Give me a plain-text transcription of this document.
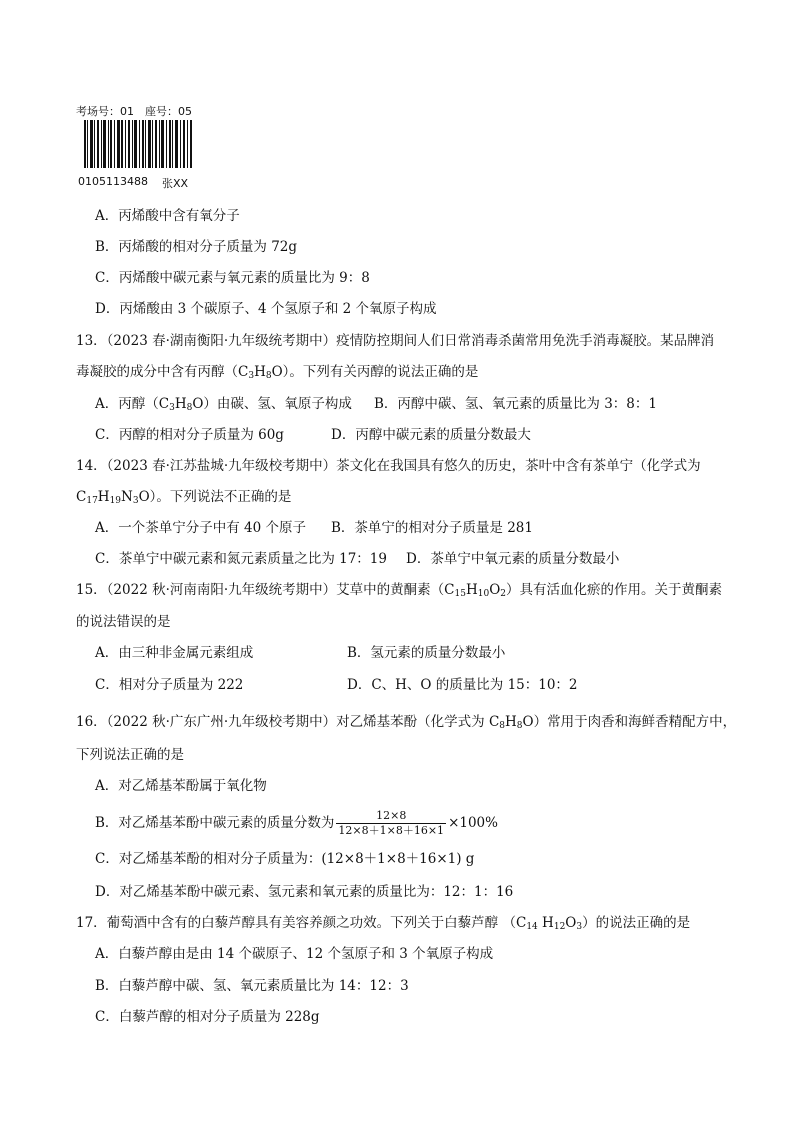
考场号：01　座号：05
0105113488 张XX
A．丙烯酸中含有氧分子
B．丙烯酸的相对分子质量为 72g
C．丙烯酸中碳元素与氧元素的质量比为 9：8
D．丙烯酸由 3 个碳原子、4 个氢原子和 2 个氧原子构成
13．（2023 春·湖南衡阳·九年级统考期中）疫情防控期间人们日常消毒杀菌常用免洗手消毒凝胶。某品牌消
毒凝胶的成分中含有丙醇$(C_3H_8O)$。下列有关丙醇的说法正确的是
A．丙醇$(C_3H_8O)$由碳、氢、氧原子构成 B．丙醇中碳、氢、氧元素的质量比为 3：8：1
C．丙醇的相对分子质量为 60g	D．丙醇中碳元素的质量分数最大
14．（2023 春·江苏盐城·九年级校考期中）茶文化在我国具有悠久的历史，茶叶中含有茶单宁（化学式为
$C_{17}H_{19}N_3O$）。下列说法不正确的是
A．一个茶单宁分子中有 40 个原子 B．茶单宁的相对分子质量是 281
C．茶单宁中碳元素和氮元素质量之比为 17：19 D．茶单宁中氧元素的质量分数最小
15．（2022 秋·河南南阳·九年级统考期中）艾草中的黄酮素$(C_{15}H_{10}O_2)$具有活血化瘀的作用。关于黄酮素
的说法错误的是
A．由三种非金属元素组成	B．氢元素的质量分数最小
C．相对分子质量为 222	D．C、H、O 的质量比为 15：10：2
16．（2022 秋·广东广州·九年级校考期中）对乙烯基苯酚（化学式为 $C_8H_8O$）常用于肉香和海鲜香精配方中，
下列说法正确的是
A．对乙烯基苯酚属于氧化物
B．对乙烯基苯酚中碳元素的质量分数为 $\frac{12\times 8}{12\times 8+1\times 8+16\times 1} \times 100\%$
C．对乙烯基苯酚的相对分子质量为：(12×8＋1×8＋16×1) g
D．对乙烯基苯酚中碳元素、氢元素和氧元素的质量比为：12：1：16
17．葡萄酒中含有的白藜芦醇具有美容养颜之功效。下列关于白藜芦醇 （$C_{14}$ $H_{12}O_3$）的说法正确的是
A．白藜芦醇由是由 14 个碳原子、12 个氢原子和 3 个氧原子构成
B．白藜芦醇中碳、氢、氧元素质量比为 14：12：3
C．白藜芦醇的相对分子质量为 228g
